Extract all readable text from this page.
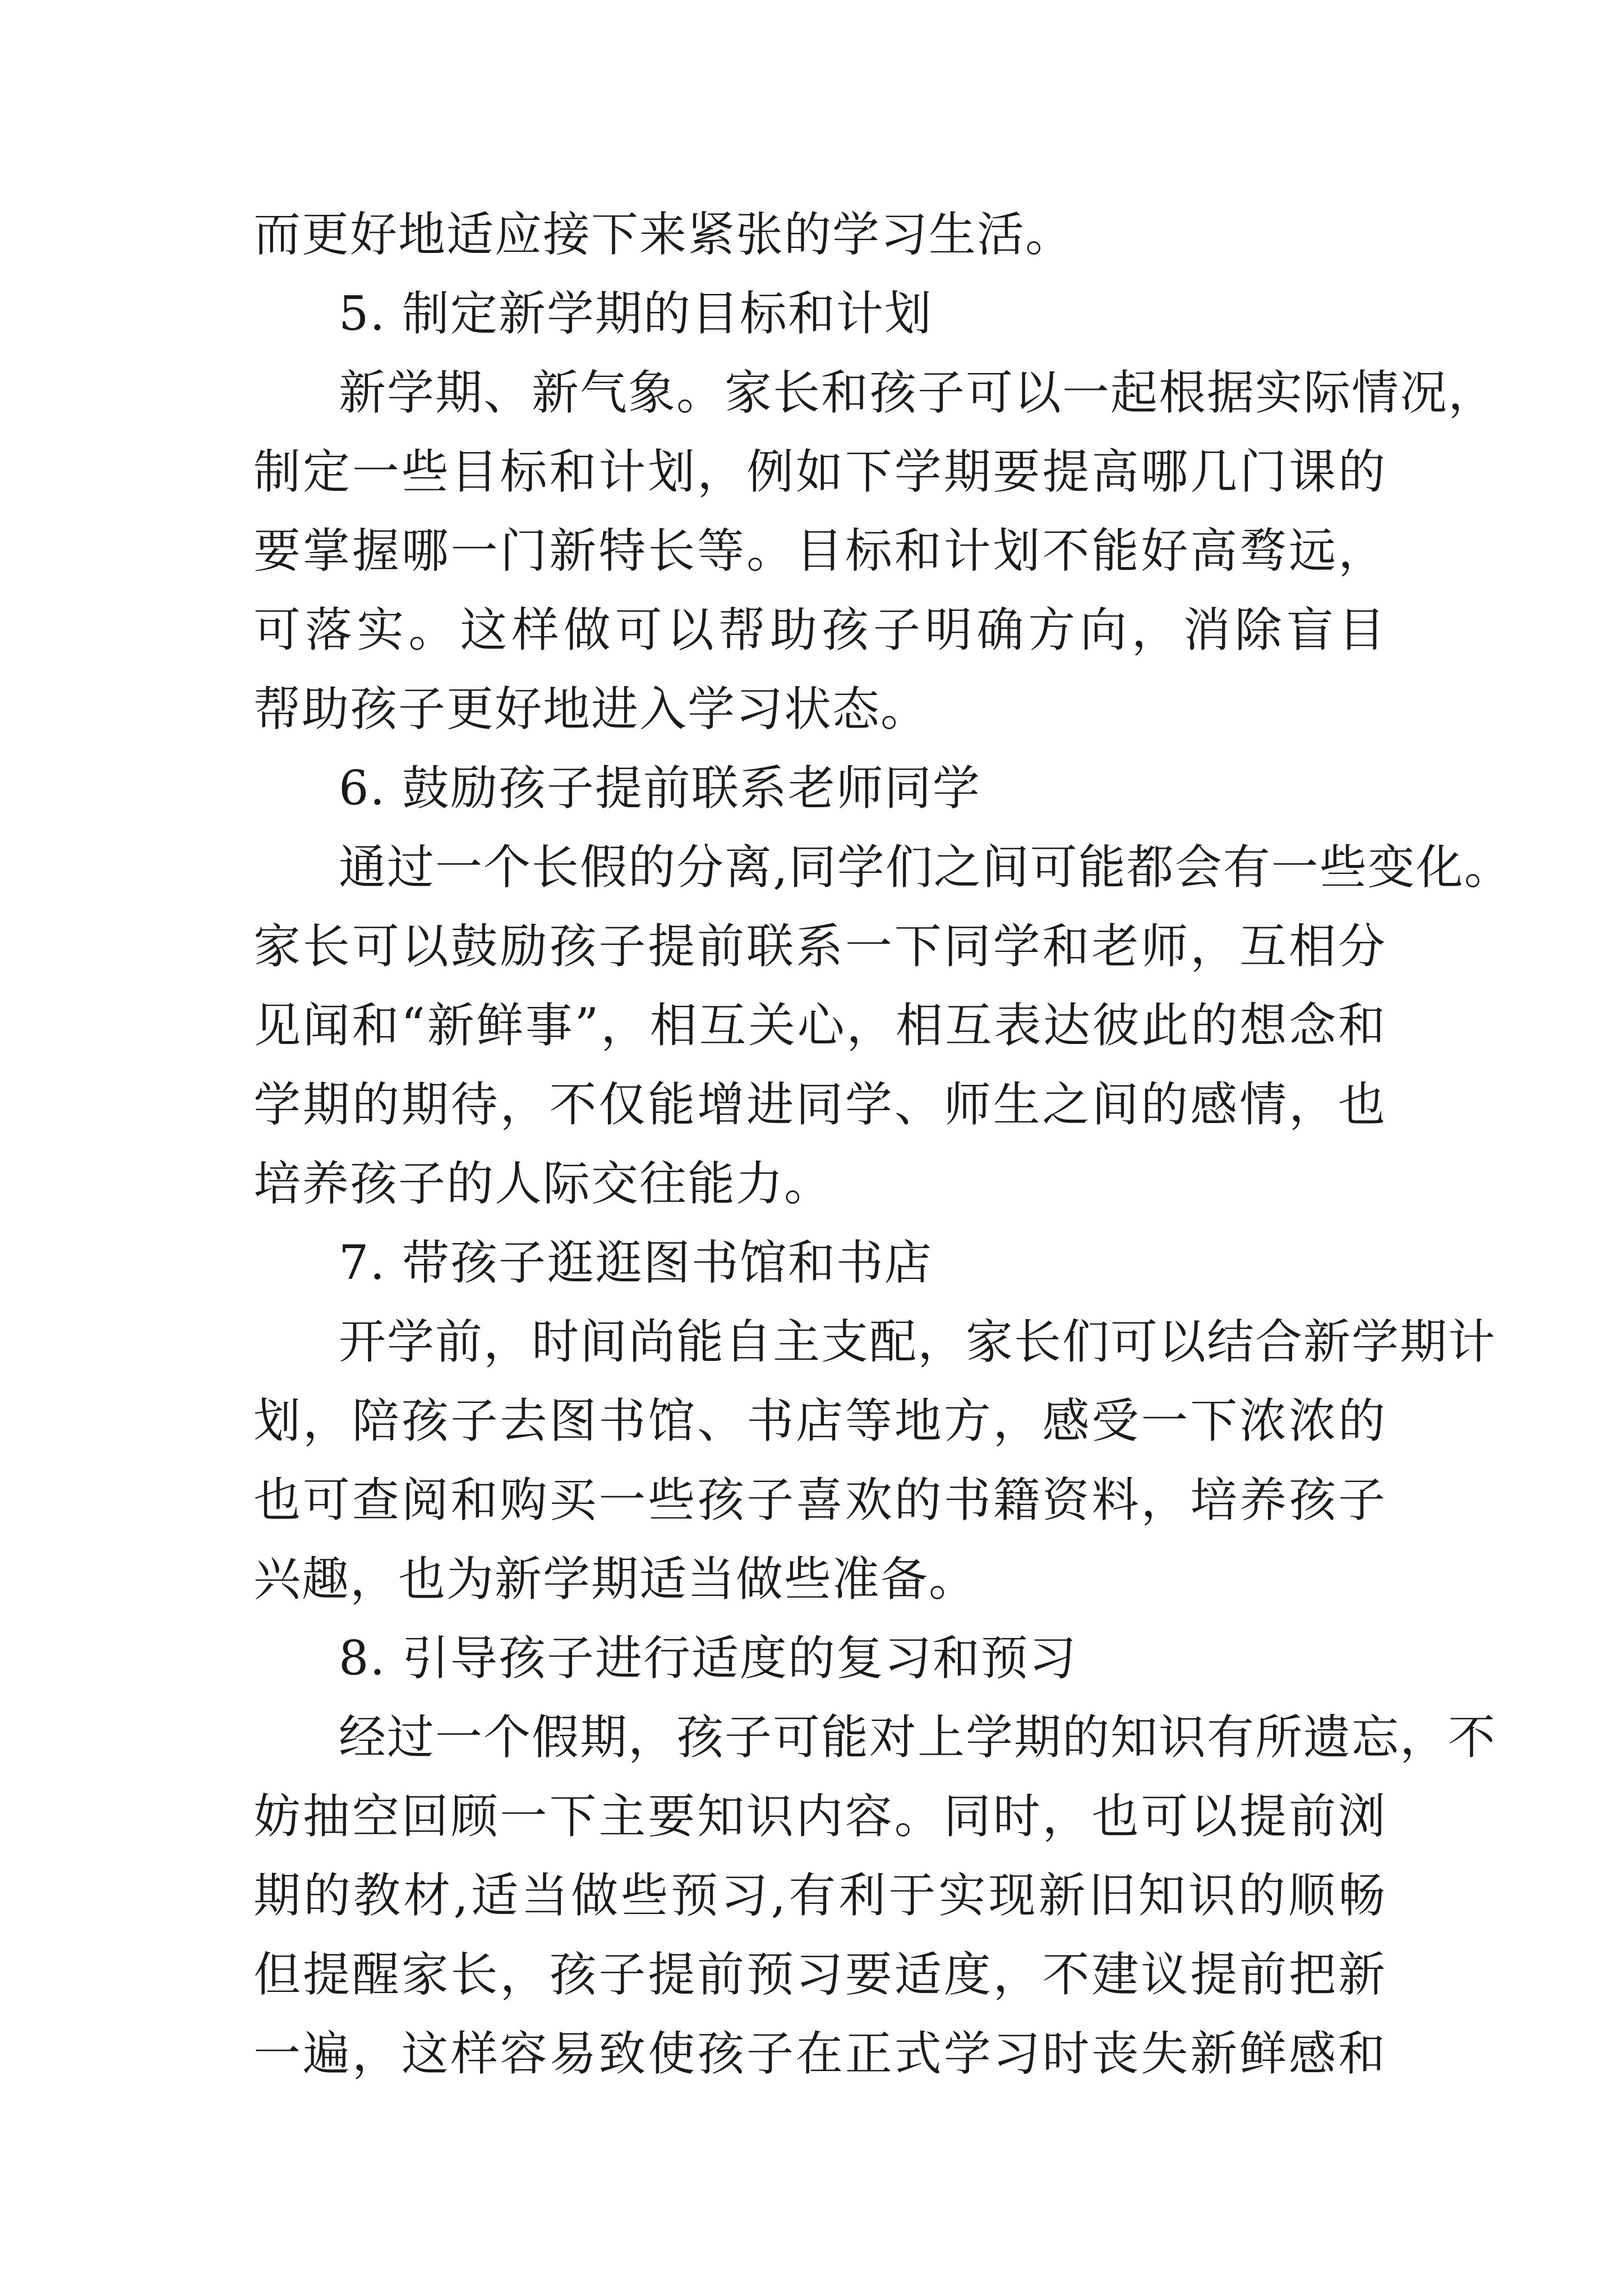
而更好地适应接下来紧张的学习生活。
5. 制定新学期的目标和计划
新学期、新气象。家长和孩子可以一起根据实际情况，
制定一些目标和计划，例如下学期要提高哪几门课的
要掌握哪一门新特长等。目标和计划不能好高骛远，
可落实。这样做可以帮助孩子明确方向，消除盲目
帮助孩子更好地进入学习状态。
6. 鼓励孩子提前联系老师同学
通过一个长假的分离,同学们之间可能都会有一些变化。
家长可以鼓励孩子提前联系一下同学和老师，互相分
见闻和“新鲜事”，相互关心，相互表达彼此的想念和
学期的期待，不仅能增进同学、师生之间的感情，也
培养孩子的人际交往能力。
7. 带孩子逛逛图书馆和书店
开学前，时间尚能自主支配，家长们可以结合新学期计
划，陪孩子去图书馆、书店等地方，感受一下浓浓的
也可查阅和购买一些孩子喜欢的书籍资料，培养孩子
兴趣，也为新学期适当做些准备。
8. 引导孩子进行适度的复习和预习
经过一个假期，孩子可能对上学期的知识有所遗忘，不
妨抽空回顾一下主要知识内容。同时，也可以提前浏
期的教材,适当做些预习,有利于实现新旧知识的顺畅
但提醒家长，孩子提前预习要适度，不建议提前把新
一遍，这样容易致使孩子在正式学习时丧失新鲜感和
